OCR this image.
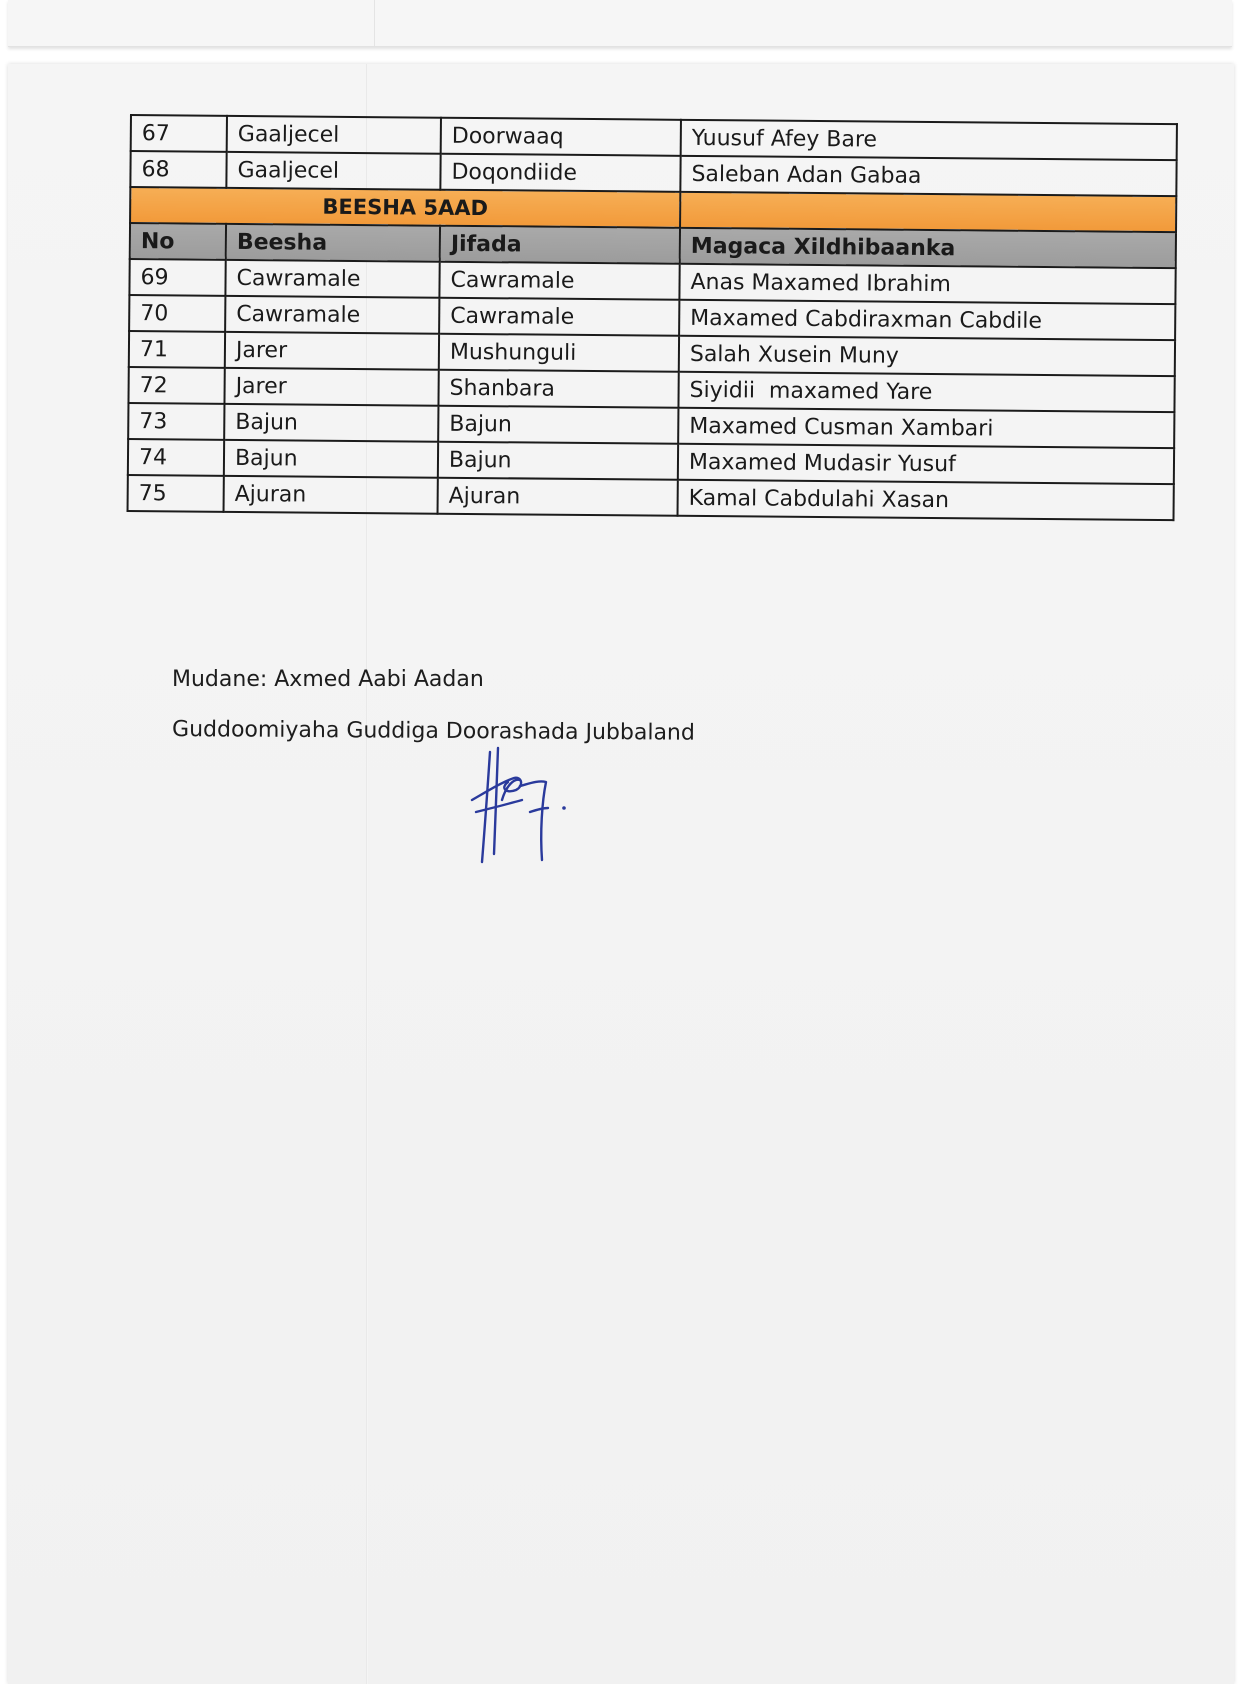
67	Gaaljecel	Doorwaaq	Yuusuf Afey Bare
68	Gaaljecel	Doqondiide	Saleban Adan Gabaa
BEESHA 5AAD			
No	Beesha	Jifada	Magaca Xildhibaanka
69	Cawramale	Cawramale	Anas Maxamed Ibrahim
70	Cawramale	Cawramale	Maxamed Cabdiraxman Cabdile
71	Jarer	Mushunguli	Salah Xusein Muny
72	Jarer	Shanbara	Siyidii  maxamed Yare
73	Bajun	Bajun	Maxamed Cusman Xambari
74	Bajun	Bajun	Maxamed Mudasir Yusuf
75	Ajuran	Ajuran	Kamal Cabdulahi Xasan
Mudane: Axmed Aabi Aadan
Guddoomiyaha Guddiga Doorashada Jubbaland
